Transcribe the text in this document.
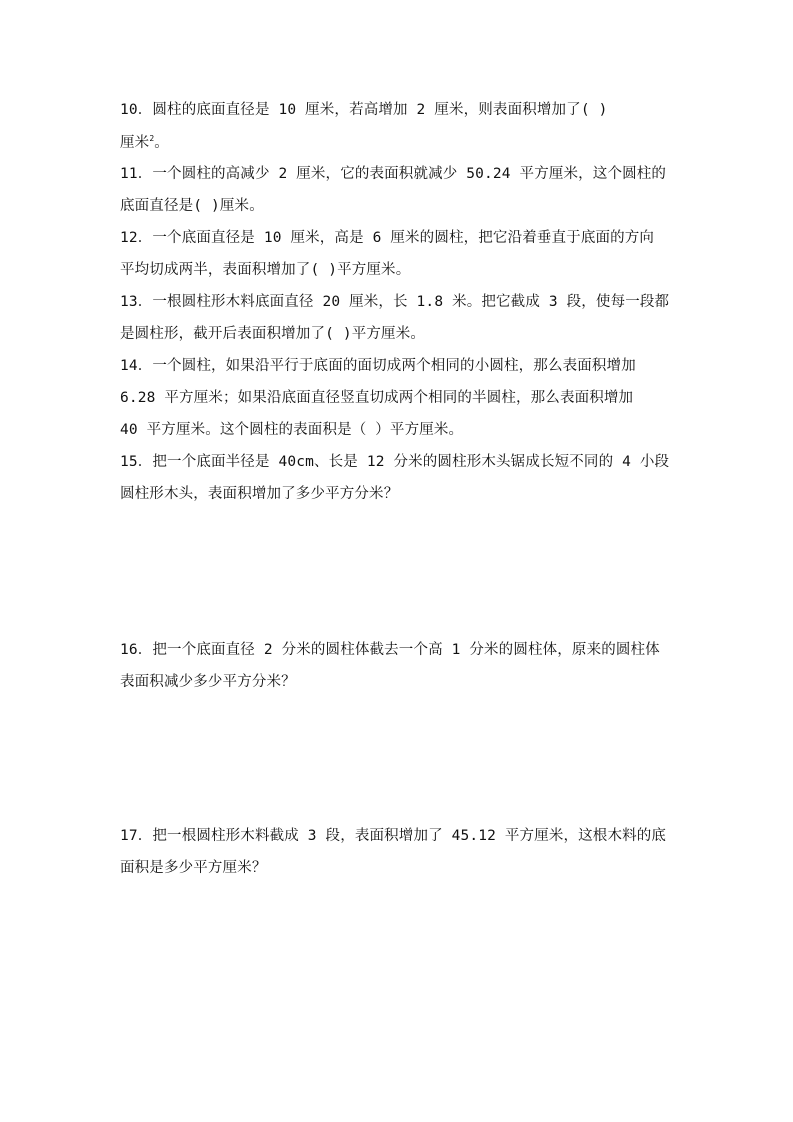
10．圆柱的底面直径是 10 厘米，若高增加 2 厘米，则表面积增加了( )
厘米$^2$。
11．一个圆柱的高减少 2 厘米，它的表面积就减少 50.24 平方厘米，这个圆柱的
底面直径是( )厘米。
12．一个底面直径是 10 厘米，高是 6 厘米的圆柱，把它沿着垂直于底面的方向
平均切成两半，表面积增加了( )平方厘米。
13．一根圆柱形木料底面直径 20 厘米，长 1.8 米。把它截成 3 段，使每一段都
是圆柱形，截开后表面积增加了( )平方厘米。
14．一个圆柱，如果沿平行于底面的面切成两个相同的小圆柱，那么表面积增加
6.28 平方厘米；如果沿底面直径竖直切成两个相同的半圆柱，那么表面积增加
40 平方厘米。这个圆柱的表面积是（ ）平方厘米。
15．把一个底面半径是 40cm、长是 12 分米的圆柱形木头锯成长短不同的 4 小段
圆柱形木头，表面积增加了多少平方分米？
16．把一个底面直径 2 分米的圆柱体截去一个高 1 分米的圆柱体，原来的圆柱体
表面积减少多少平方分米？
17．把一根圆柱形木料截成 3 段，表面积增加了 45.12 平方厘米，这根木料的底
面积是多少平方厘米？
